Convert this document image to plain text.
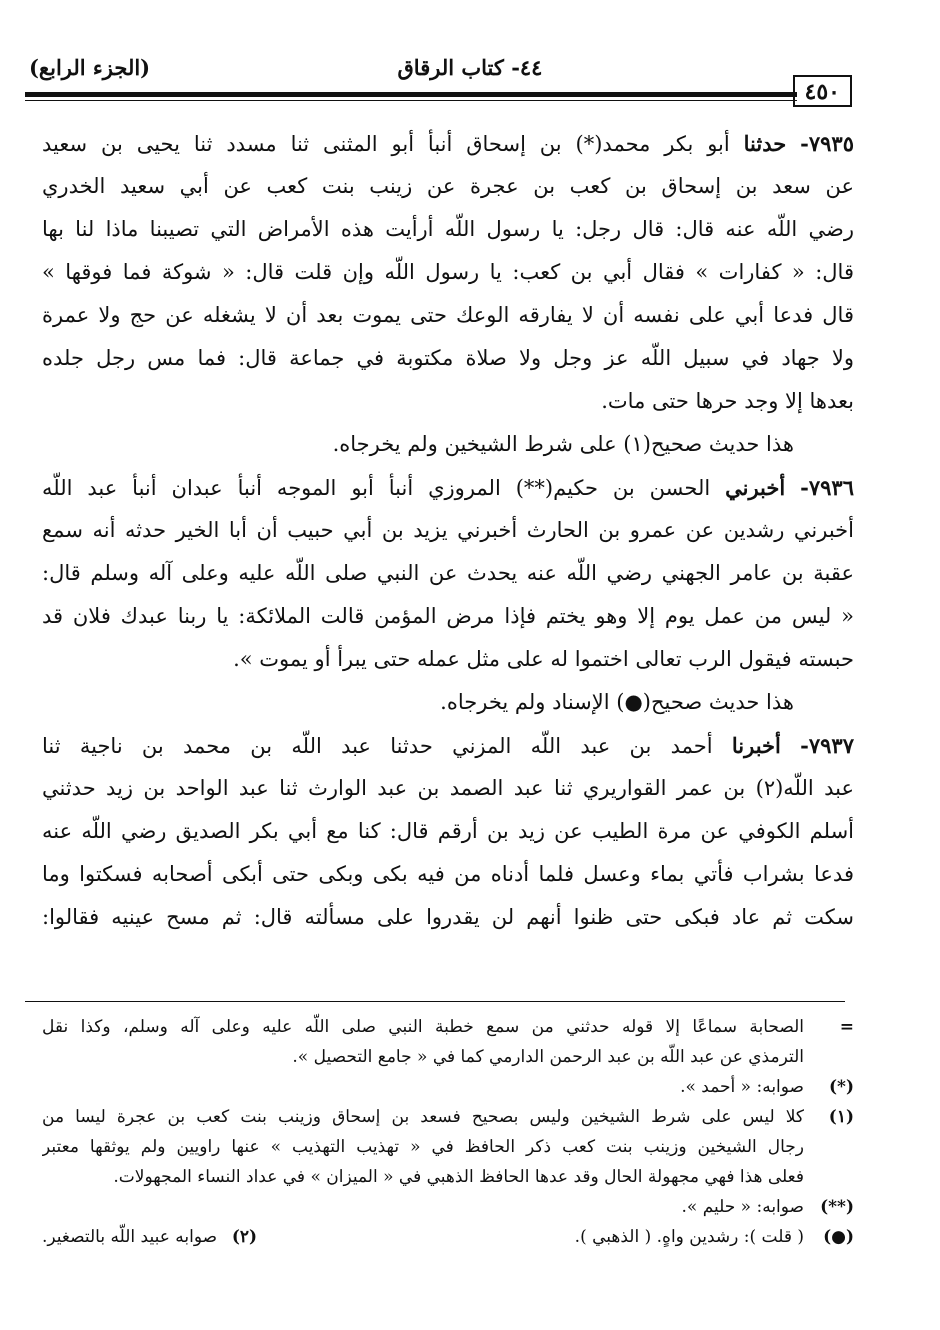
٤٤- كتاب الرقاق
(الجزء الرابع)
٤٥٠
٧٩٣٥- حدثنا أبو بكر محمد(*) بن إسحاق أنبأ أبو المثنى ثنا مسدد ثنا يحيى بن سعيد
عن سعد بن إسحاق بن كعب بن عجرة عن زينب بنت كعب عن أبي سعيد الخدري
رضي اللّه عنه قال: قال رجل: يا رسول اللّه أرأيت هذه الأمراض التي تصيبنا ماذا لنا بها
قال: « كفارات » فقال أبي بن كعب: يا رسول اللّه وإن قلت قال: « شوكة فما فوقها »
قال فدعا أبي على نفسه أن لا يفارقه الوعك حتى يموت بعد أن لا يشغله عن حج ولا عمرة
ولا جهاد في سبيل اللّه عز وجل ولا صلاة مكتوبة في جماعة قال: فما مس رجل جلده
بعدها إلا وجد حرها حتى مات.
هذا حديث صحيح(١) على شرط الشيخين ولم يخرجاه.
٧٩٣٦- أخبرني الحسن بن حكيم(**) المروزي أنبأ أبو الموجه أنبأ عبدان أنبأ عبد اللّه
أخبرني رشدين عن عمرو بن الحارث أخبرني يزيد بن أبي حبيب أن أبا الخير حدثه أنه سمع
عقبة بن عامر الجهني رضي اللّه عنه يحدث عن النبي صلى اللّه عليه وعلى آله وسلم قال:
« ليس من عمل يوم إلا وهو يختم فإذا مرض المؤمن قالت الملائكة: يا ربنا عبدك فلان قد
حبسته فيقول الرب تعالى اختموا له على مثل عمله حتى يبرأ أو يموت ».
هذا حديث صحيح(●) الإسناد ولم يخرجاه.
٧٩٣٧- أخبرنا أحمد بن عبد اللّه المزني حدثنا عبد اللّه بن محمد بن ناجية ثنا
عبد اللّه(٢) بن عمر القواريري ثنا عبد الصمد بن عبد الوارث ثنا عبد الواحد بن زيد حدثني
أسلم الكوفي عن مرة الطيب عن زيد بن أرقم قال: كنا مع أبي بكر الصديق رضي اللّه عنه
فدعا بشراب فأتي بماء وعسل فلما أدناه من فيه بكى وبكى حتى أبكى أصحابه فسكتوا وما
سكت ثم عاد فبكى حتى ظنوا أنهم لن يقدروا على مسألته قال: ثم مسح عينيه فقالوا:
=
الصحابة سماعًا إلا قوله حدثني من سمع خطبة النبي صلى اللّه عليه وعلى آله وسلم، وكذا نقل
الترمذي عن عبد اللّه بن عبد الرحمن الدارمي كما في « جامع التحصيل ».
(*)
صوابه: « أحمد ».
(١)
كلا ليس على شرط الشيخين وليس بصحيح فسعد بن إسحاق وزينب بنت كعب بن عجرة ليسا من
رجال الشيخين وزينب بنت كعب ذكر الحافظ في « تهذيب التهذيب » عنها راويين ولم يوثقها معتبر
فعلى هذا فهي مجهولة الحال وقد عدها الحافظ الذهبي في « الميزان » في عداد النساء المجهولات.
(**)
صوابه: « حليم ».
(●)
( قلت ): رشدين واهٍ. ( الذهبي ).
(٢)
صوابه عبيد اللّه بالتصغير.
